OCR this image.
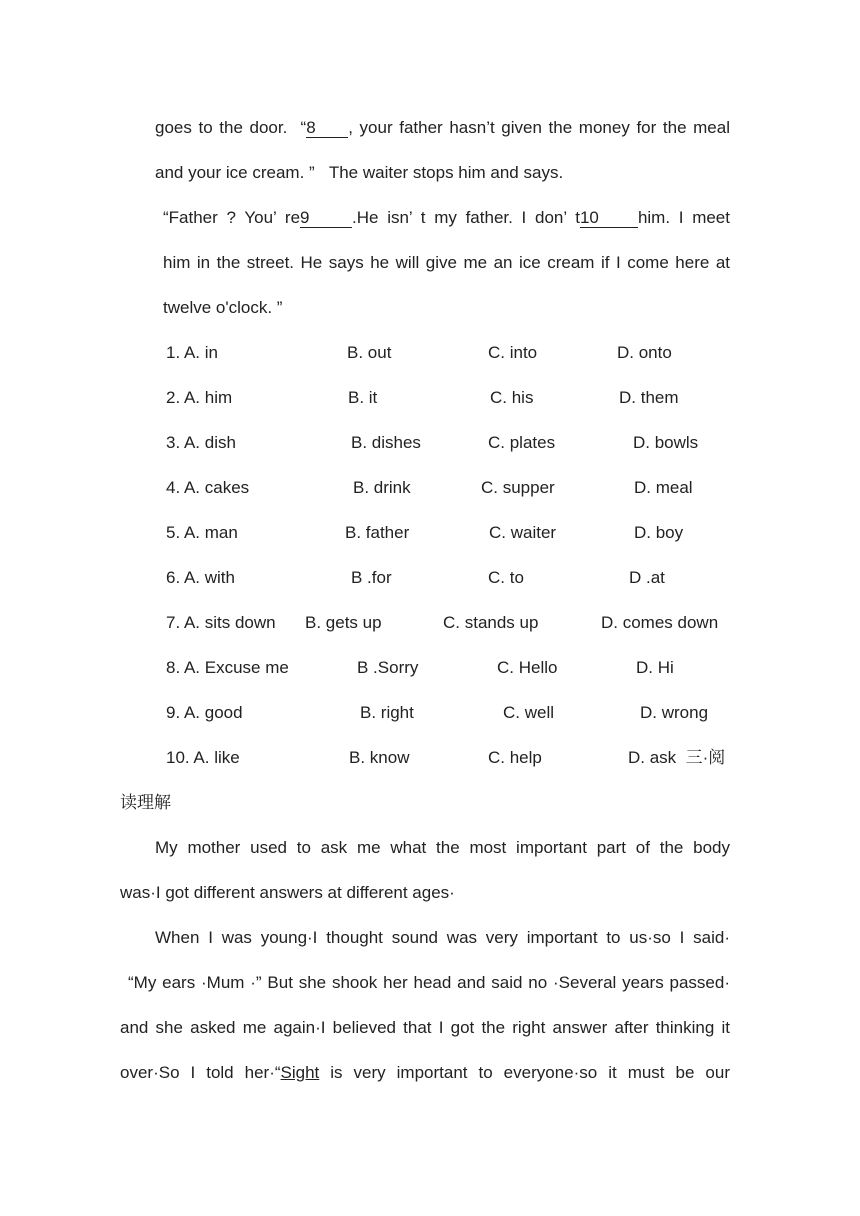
goes to the door.  “8 , your father hasn’t given the money for the meal
and your ice cream. ”   The waiter stops him and says.
“Father ? You’ re9	.He isn’ t my father. I don’ t10 him. I meet
him in the street. He says he will give me an ice cream if I come here at
twelve o'clock. ”
1. A. in	B. out	C. into	D. onto
2. A. him	B. it	C. his	D. them
3. A. dish	B. dishes	C. plates	D. bowls
4. A. cakes	B. drink	C. supper	D. meal
5. A. man	B. father	C. waiter	D. boy
6. A. with	B .for	C. to	D .at
7. A. sits down B. gets up	C. stands up	D. comes down
8. A. Excuse me	B .Sorry	C. Hello	D. Hi
9. A. good	B. right	C. well	D. wrong
10. A. like	B. know	C. help	D. ask  三·阅
读理解
My mother used to ask me what the most important part of the body
was·I got different answers at different ages·
When I was young·I thought sound was very important to us·so I said·
“My ears ·Mum ·” But she shook her head and said no ·Several years passed·
and she asked me again·I believed that I got the right answer after thinking it
over·So I told her·“Sight is very important to everyone·so it must be our
